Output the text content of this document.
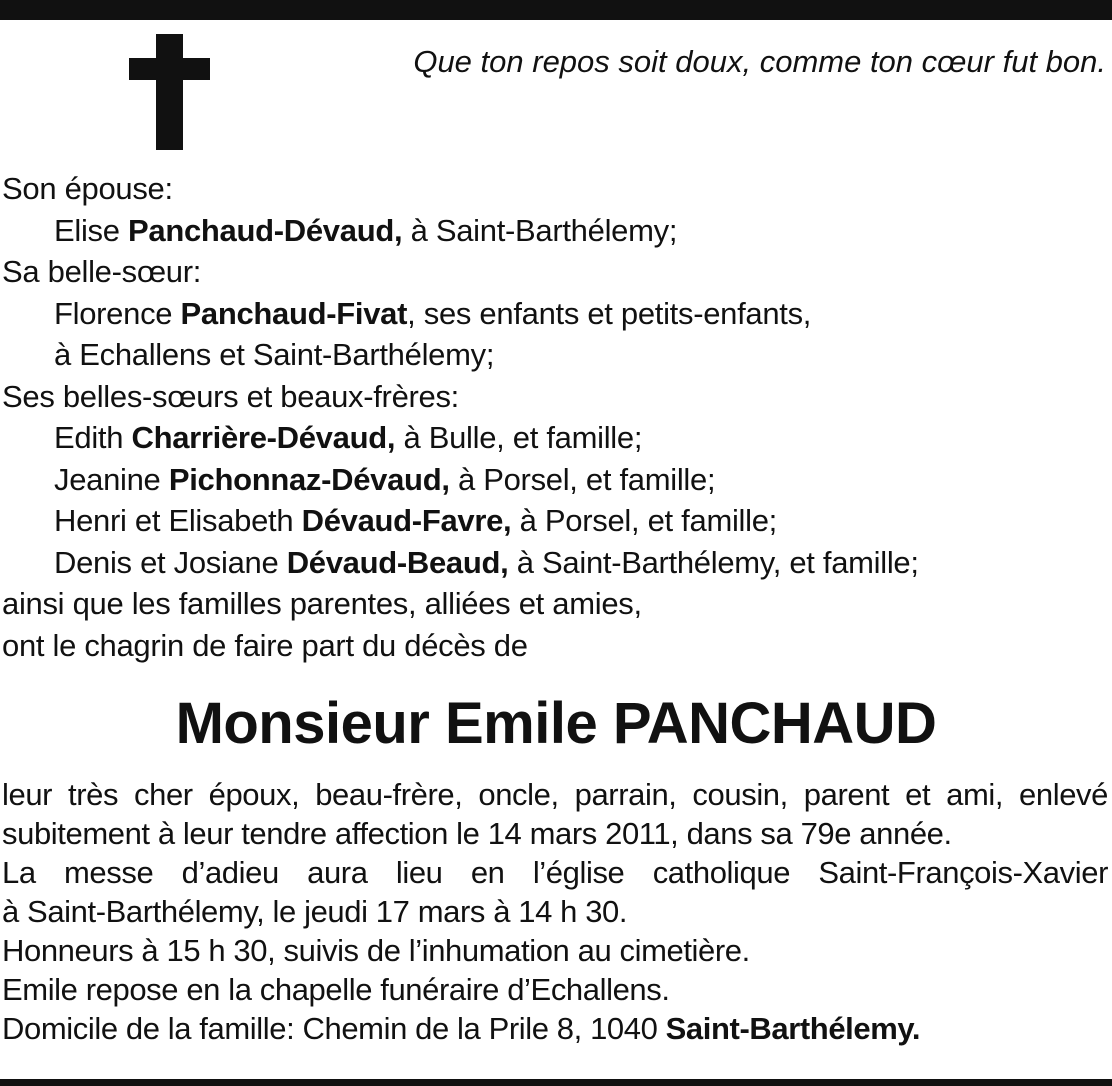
Que ton repos soit doux, comme ton cœur fut bon.
Son épouse:
Elise Panchaud-Dévaud, à Saint-Barthélemy;
Sa belle-sœur:
Florence Panchaud-Fivat, ses enfants et petits-enfants,
à Echallens et Saint-Barthélemy;
Ses belles-sœurs et beaux-frères:
Edith Charrière-Dévaud, à Bulle, et famille;
Jeanine Pichonnaz-Dévaud, à Porsel, et famille;
Henri et Elisabeth Dévaud-Favre, à Porsel, et famille;
Denis et Josiane Dévaud-Beaud, à Saint-Barthélemy, et famille;
ainsi que les familles parentes, alliées et amies,
ont le chagrin de faire part du décès de
Monsieur Emile PANCHAUD
leur très cher époux, beau-frère, oncle, parrain, cousin, parent et ami, enlevé
subitement à leur tendre affection le 14 mars 2011, dans sa 79e année.
La messe d’adieu aura lieu en l’église catholique Saint-François-Xavier
à Saint-Barthélemy, le jeudi 17 mars à 14 h 30.
Honneurs à 15 h 30, suivis de l’inhumation au cimetière.
Emile repose en la chapelle funéraire d’Echallens.
Domicile de la famille: Chemin de la Prile 8, 1040 Saint-Barthélemy.
